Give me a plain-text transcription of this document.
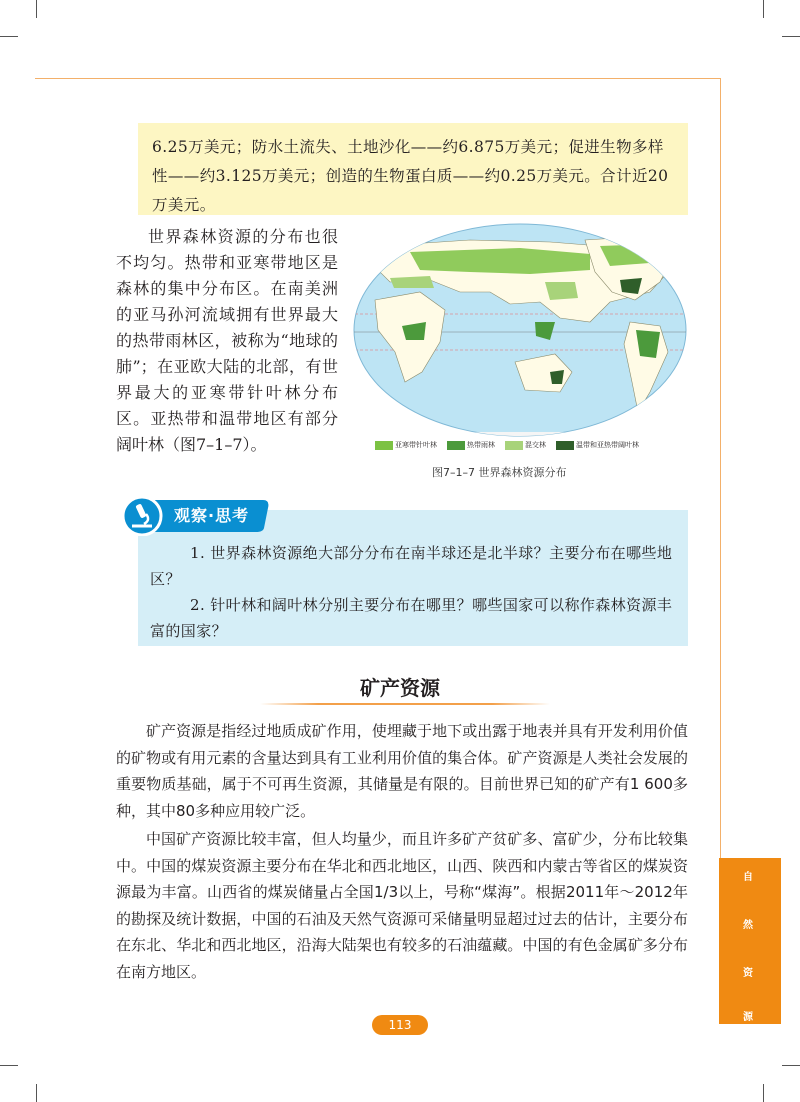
6.25万美元；防水土流失、土地沙化——约6.875万美元；促进生物多样性——约3.125万美元；创造的生物蛋白质——约0.25万美元。合计近20万美元。

世界森林资源的分布也很不均匀。热带和亚寒带地区是森林的集中分布区。在南美洲的亚马孙河流域拥有世界最大的热带雨林区，被称为“地球的肺”；在亚欧大陆的北部，有世界最大的亚寒带针叶林分布区。亚热带和温带地区有部分阔叶林（图7–1–7）。	亚寒带针叶林	热带雨林	混交林	温带和亚热带阔叶林
图7–1–7 世界森林资源分布
观察·思考

1. 世界森林资源绝大部分分布在南半球还是北半球？主要分布在哪些地区？

2. 针叶林和阔叶林分别主要分布在哪里？哪些国家可以称作森林资源丰富的国家？

矿产资源

矿产资源是指经过地质成矿作用，使埋藏于地下或出露于地表并具有开发利用价值的矿物或有用元素的含量达到具有工业利用价值的集合体。矿产资源是人类社会发展的重要物质基础，属于不可再生资源，其储量是有限的。目前世界已知的矿产有1 600多种，其中80多种应用较广泛。

中国矿产资源比较丰富，但人均量少，而且许多矿产贫矿多、富矿少，分布比较集中。中国的煤炭资源主要分布在华北和西北地区，山西、陕西和内蒙古等省区的煤炭资源最为丰富。山西省的煤炭储量占全国1/3以上，号称“煤海”。根据2011年～2012年的勘探及统计数据，中国的石油及天然气资源可采储量明显超过过去的估计，主要分布在东北、华北和西北地区，沿海大陆架也有较多的石油蕴藏。中国的有色金属矿多分布在南方地区。

113
自
然
资
源
